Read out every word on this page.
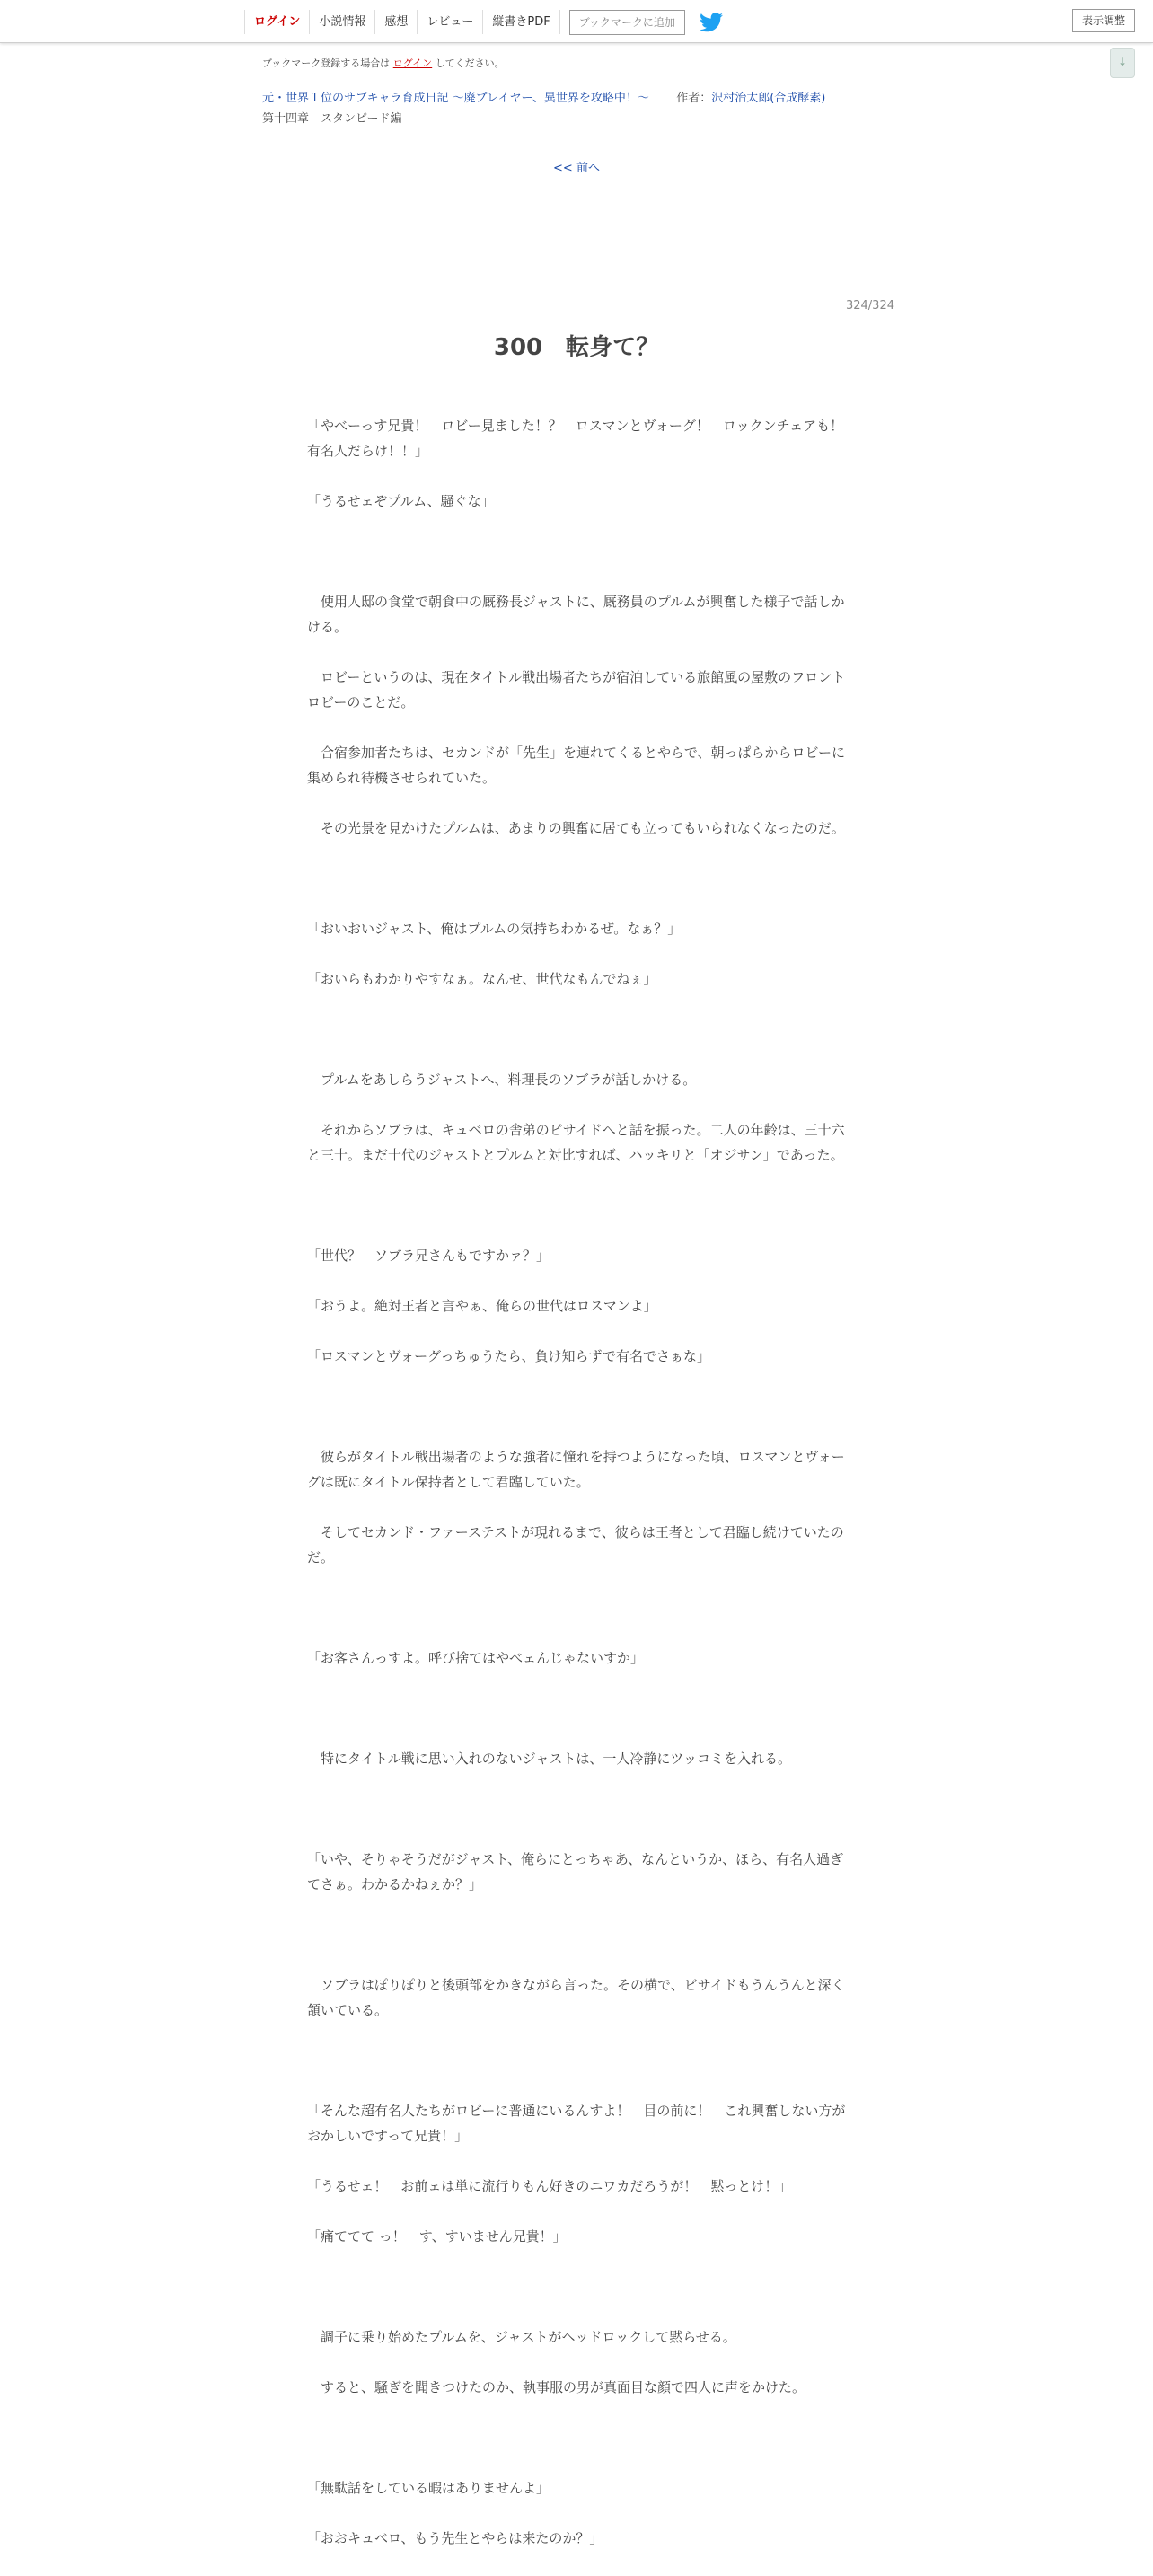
ログイン	小説情報	感想	レビュー	縦書きPDF	ブックマークに追加	表示調整
↓
ブックマーク登録する場合は ログイン してください。
元・世界１位のサブキャラ育成日記 ～廃プレイヤー、異世界を攻略中！～ 作者：沢村治太郎(合成酵素)
第十四章　スタンピード編
<< 前へ
324/324
300　転身て？

「やべーっす兄貴！　ロビー見ました！？　ロスマンとヴォーグ！　ロックンチェアも！　有名人だらけ！！」

「うるせェぞプルム、騒ぐな」

　使用人邸の食堂で朝食中の厩務長ジャストに、厩務員のプルムが興奮した様子で話しかける。

　ロビーというのは、現在タイトル戦出場者たちが宿泊している旅館風の屋敷のフロントロビーのことだ。

　合宿参加者たちは、セカンドが「先生」を連れてくるとやらで、朝っぱらからロビーに集められ待機させられていた。

　その光景を見かけたプルムは、あまりの興奮に居ても立ってもいられなくなったのだ。

「おいおいジャスト、俺はプルムの気持ちわかるぜ。なぁ？」

「おいらもわかりやすなぁ。なんせ、世代なもんでねぇ」

　プルムをあしらうジャストへ、料理長のソブラが話しかける。

　それからソブラは、キュベロの舎弟のビサイドへと話を振った。二人の年齢は、三十六と三十。まだ十代のジャストとプルムと対比すれば、ハッキリと「オジサン」であった。

「世代？　ソブラ兄さんもですかァ？」

「おうよ。絶対王者と言やぁ、俺らの世代はロスマンよ」

「ロスマンとヴォーグっちゅうたら、負け知らずで有名でさぁな」

　彼らがタイトル戦出場者のような強者に憧れを持つようになった頃、ロスマンとヴォーグは既にタイトル保持者として君臨していた。

　そしてセカンド・ファーステストが現れるまで、彼らは王者として君臨し続けていたのだ。

「お客さんっすよ。呼び捨てはやべェんじゃないすか」

　特にタイトル戦に思い入れのないジャストは、一人冷静にツッコミを入れる。

「いや、そりゃそうだがジャスト、俺らにとっちゃあ、なんというか、ほら、有名人過ぎてさぁ。わかるかねぇか？」

　ソブラはぽりぽりと後頭部をかきながら言った。その横で、ビサイドもうんうんと深く頷いている。

「そんな超有名人たちがロビーに普通にいるんすよ！　目の前に！　これ興奮しない方がおかしいですって兄貴！」

「うるせェ！　お前ェは単に流行りもん好きのニワカだろうが！　黙っとけ！」

「痛ててて っ！　す、すいません兄貴！」

　調子に乗り始めたプルムを、ジャストがヘッドロックして黙らせる。

　すると、騒ぎを聞きつけたのか、執事服の男が真面目な顔で四人に声をかけた。

「無駄話をしている暇はありませんよ」

「おおキュベロ、もう先生とやらは来たのか？」
